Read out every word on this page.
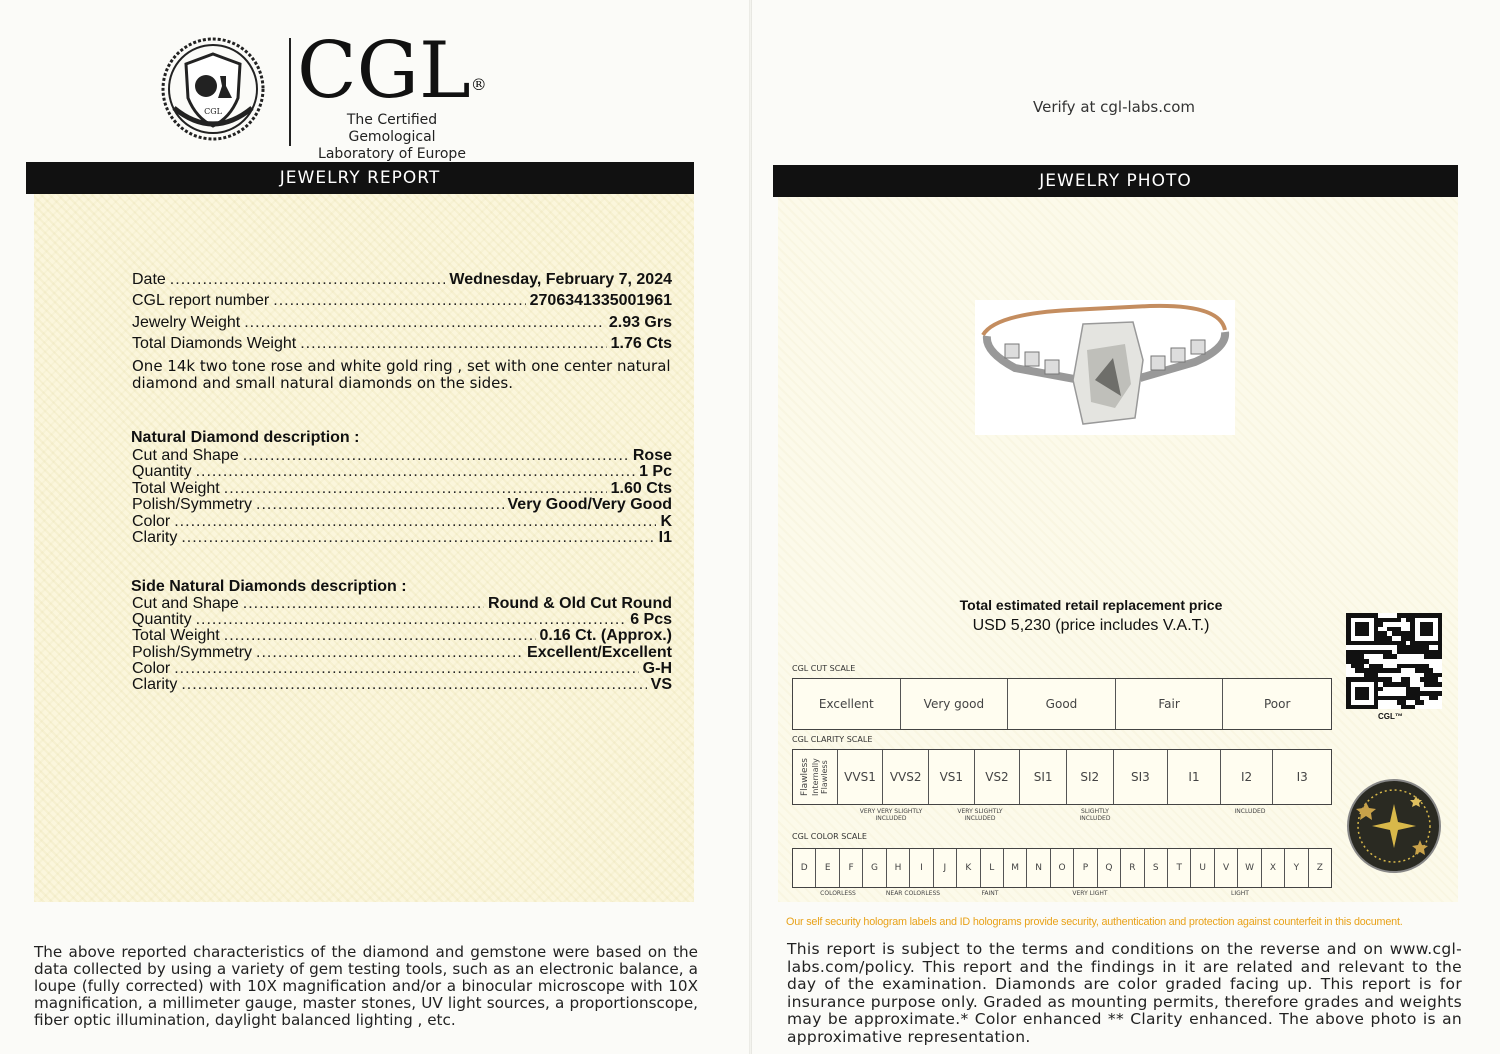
CGL CGL®
The Certified Gemological
Laboratory of Europe
JEWELRY REPORT
Date .....	Wednesday, February 7, 2024
CGL report number .....	2706341335001961
Jewelry Weight .....	2.93 Grs
Total Diamonds Weight .....	1.76 Cts
One 14k two tone rose and white gold ring , set with one center natural diamond and small natural diamonds on the sides.
Natural Diamond description :
Cut and Shape .....	Rose
Quantity .....	1 Pc
Total Weight .....	1.60 Cts
Polish/Symmetry .....	Very Good/Very Good
Color .....	K
Clarity .....	I1
Side Natural Diamonds description :
Cut and Shape .....	Round & Old Cut Round
Quantity .....	6 Pcs
Total Weight .....	0.16 Ct. (Approx.)
Polish/Symmetry .....	Excellent/Excellent
Color .....	G-H
Clarity .....	VS
The above reported characteristics of the diamond and gemstone were based on the data collected by using a variety of gem testing tools, such as an electronic balance, a loupe (fully corrected) with 10X magnification and/or a binocular microscope with 10X magnification, a millimeter gauge, master stones, UV light sources, a proportionscope, fiber optic illumination, daylight balanced lighting , etc.
Verify at cgl-labs.com
JEWELRY PHOTO
Total estimated retail replacement price
USD 5,230 (price includes V.A.T.)
CGL™
CGL CUT SCALE
Excellent	Very good	Good	Fair	Poor
CGL CLARITY SCALE
Flawless Internally Flawless	VVS1	VVS2	VS1	VS2	SI1	SI2	SI3	I1	I2	I3
VERY VERY SLIGHTLY INCLUDED
VERY SLIGHTLY INCLUDED
SLIGHTLY INCLUDED
INCLUDED
CGL COLOR SCALE
D	E	F	G	H	I	J	K	L	M	N	O	P	Q	R	S	T	U	V	W	X	Y	Z
COLORLESS	NEAR COLORLESS	FAINT	VERY LIGHT	LIGHT
Our self security hologram labels and ID holograms provide security, authentication and protection against counterfeit in this document.
This report is subject to the terms and conditions on the reverse and on www.cgl-labs.com/policy. This report and the findings in it are related and relevant to the day of the examination. Diamonds are color graded facing up. This report is for insurance purpose only. Graded as mounting permits, therefore grades and weights may be approximate.* Color enhanced ** Clarity enhanced. The above photo is an approximative representation.
